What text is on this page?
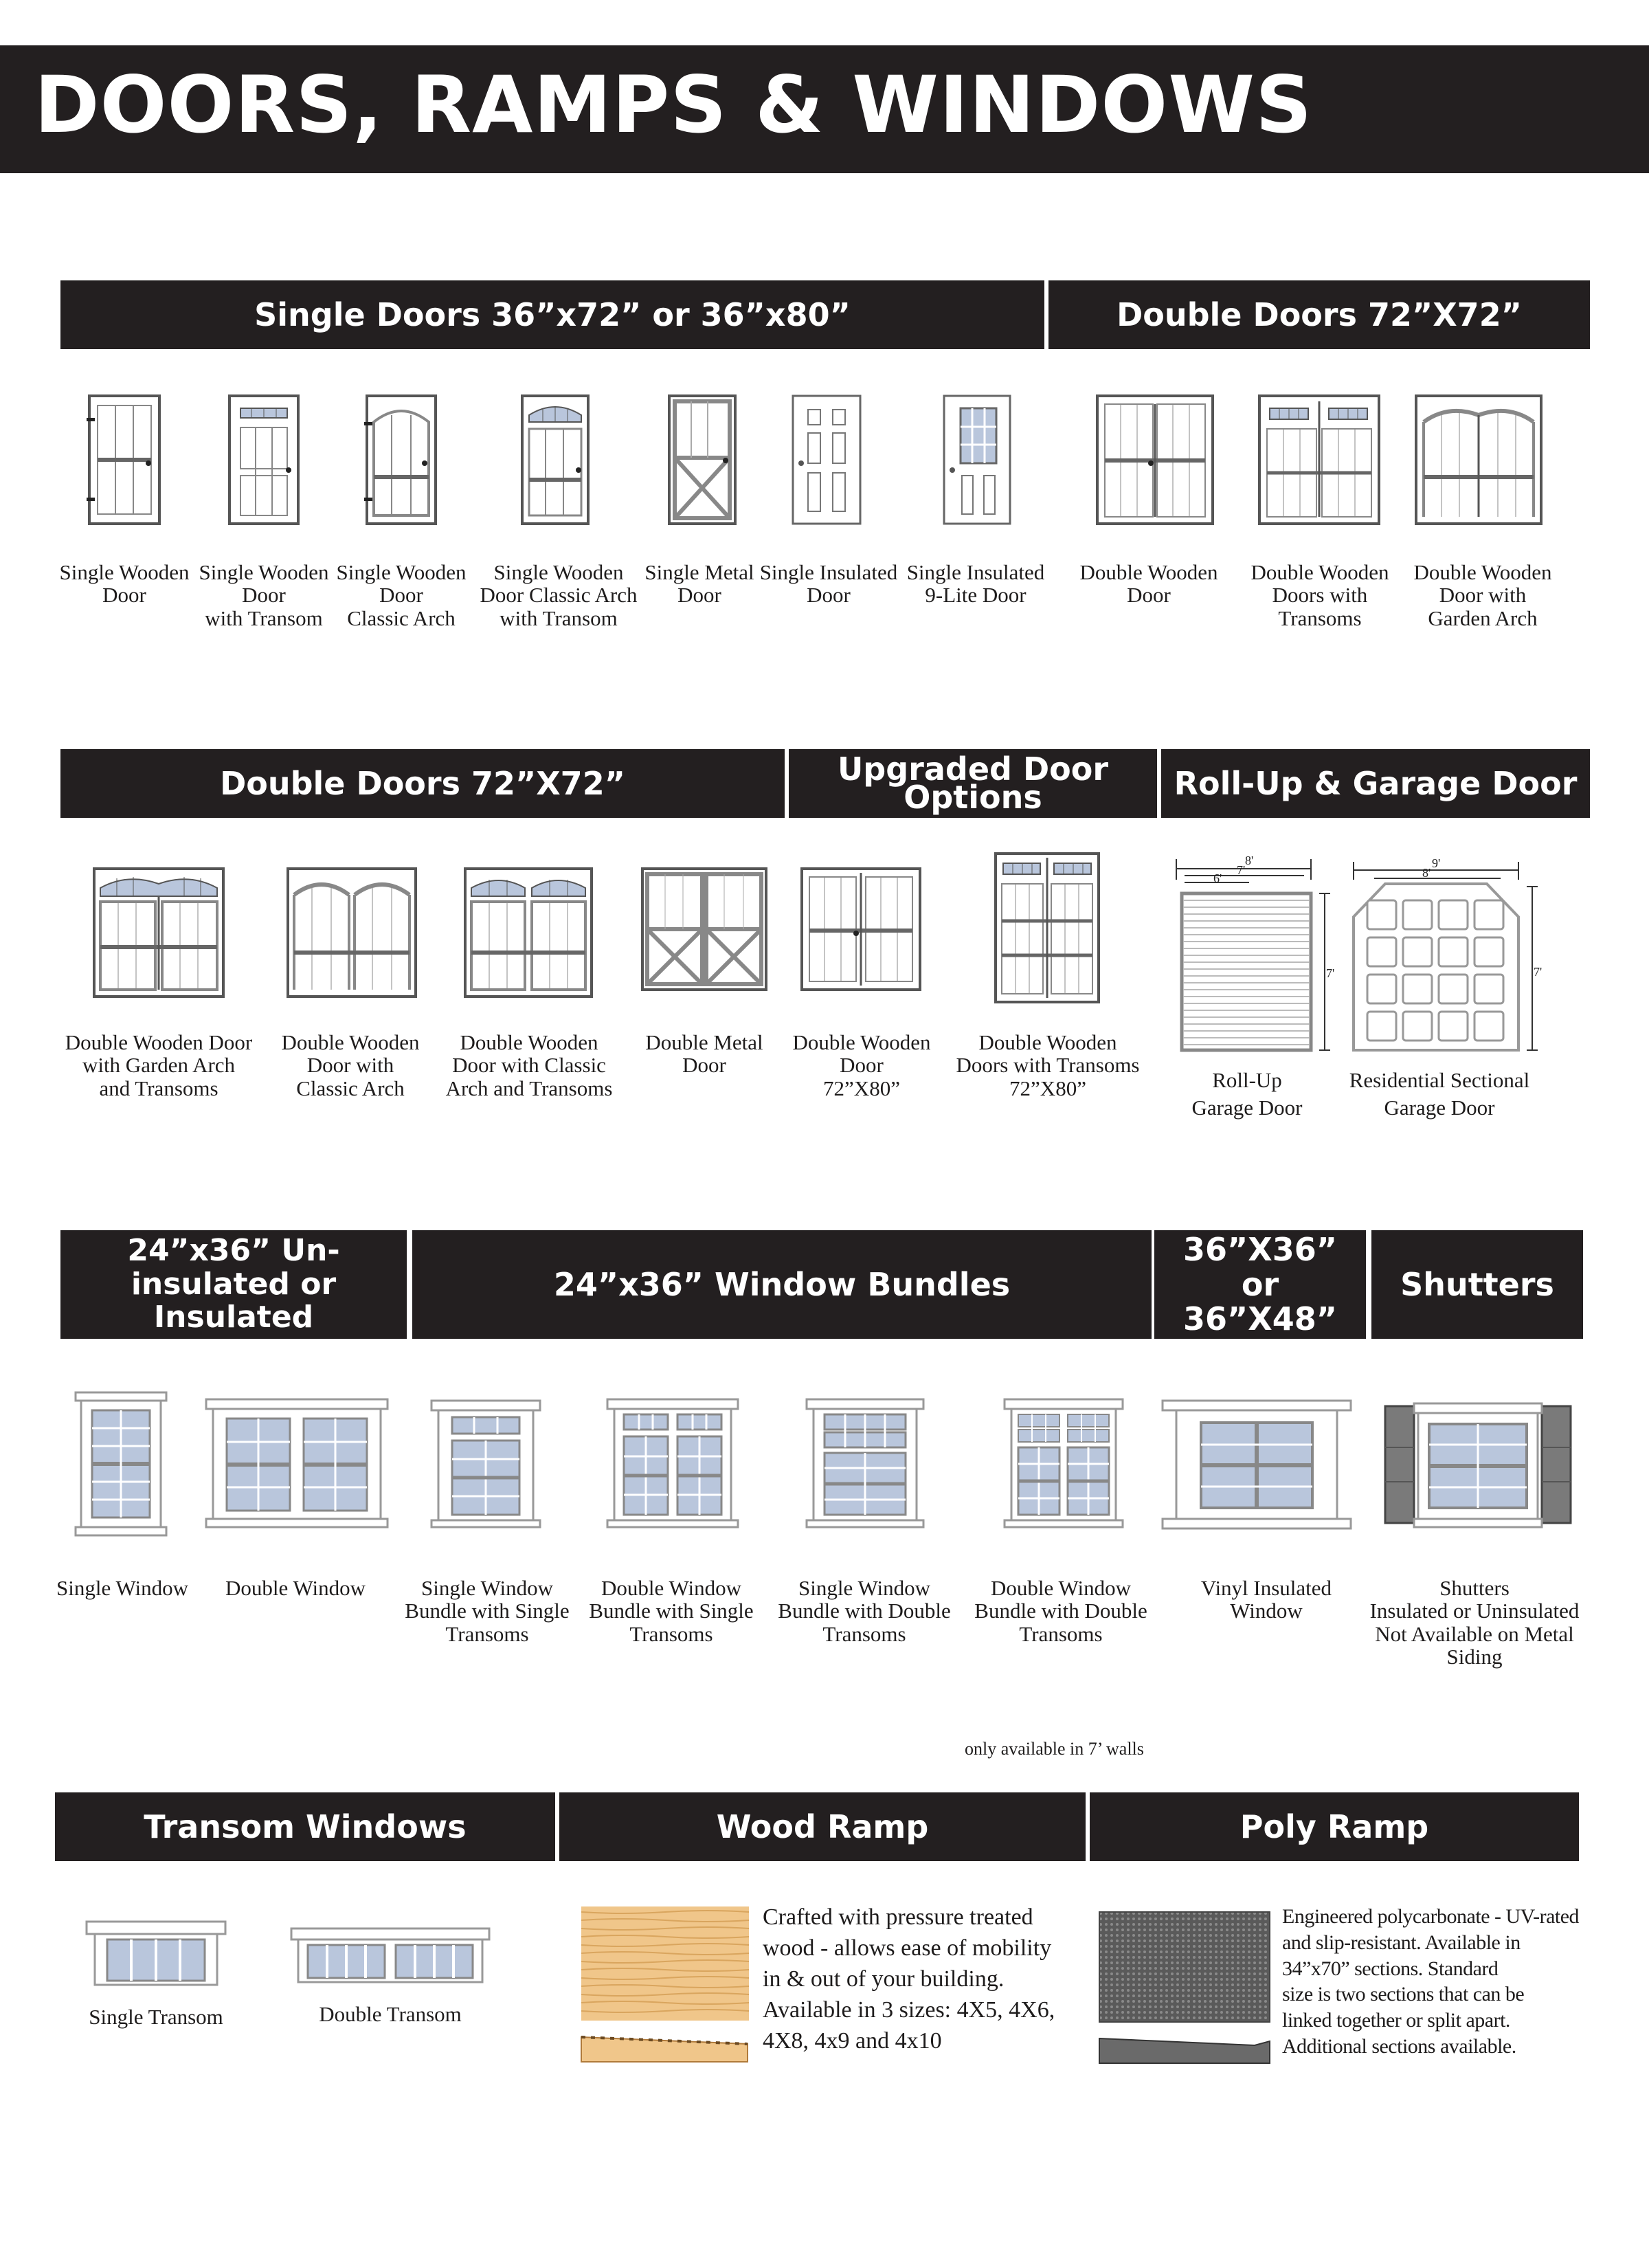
DOORS, RAMPS & WINDOWS
Single Doors 36”x72” or 36”x80”	Double Doors 72”X72”
Double Doors 72”X72”	Upgraded Door Options	Roll-Up & Garage Door
24”x36” Un-insulated or Insulated
24”x36” Window Bundles
36”X36” or 36”X48”
Shutters
Transom Windows	Wood Ramp	Poly Ramp
Single Wooden
Door
Single Wooden
Door
with Transom
Single Wooden
Door
Classic Arch
Single Wooden
Door Classic Arch
with Transom
Single Metal
Door
Single Insulated
Door
Single Insulated
9-Lite Door
Double Wooden
Door
Double Wooden
Doors with
Transoms
Double Wooden
Door with
Garden Arch
Double Wooden Door
with Garden Arch
and Transoms
Double Wooden
Door with
Classic Arch
Double Wooden
Door with Classic
Arch and Transoms
Double Metal
Door
Double Wooden
Door
72”X80”
Double Wooden
Doors with Transoms
72”X80”
8'
7'
6'
7'
Roll-Up
Garage Door
9'
8'
7'
Residential Sectional
Garage Door
Single Window	Double Window	Single Window
Bundle with Single
Transoms
Double Window
Bundle with Single
Transoms
Single Window
Bundle with Double
Transoms
Double Window
Bundle with Double
Transoms
Vinyl Insulated
Window
Shutters
Insulated or Uninsulated
Not Available on Metal Siding
only available in 7’ walls
Single Transom	Double Transom
Crafted with pressure treated
wood - allows ease of mobility
in & out of your building.
Available in 3 sizes: 4X5, 4X6,
4X8, 4x9 and 4x10
Engineered polycarbonate - UV-rated
and slip-resistant. Available in
34”x70” sections. Standard
size is two sections that can be
linked together or split apart.
Additional sections available.
